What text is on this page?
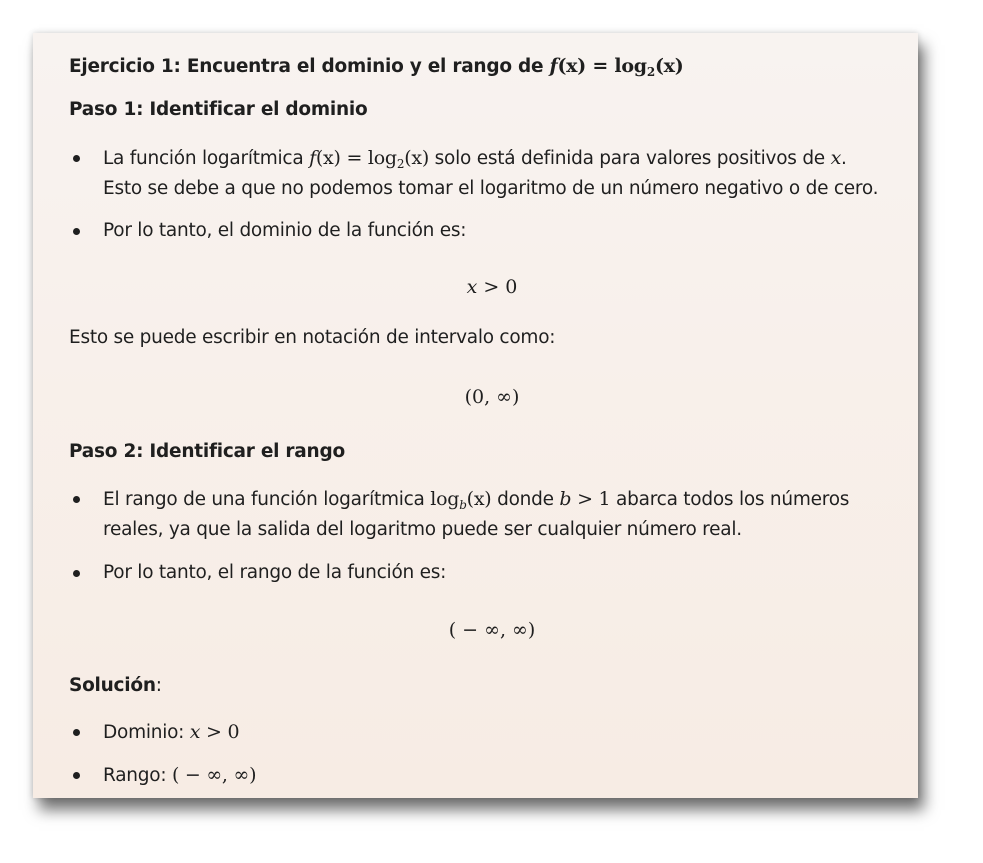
Ejercicio 1: Encuentra el dominio y el rango de $f(x) = \log_2(x)$

Paso 1: Identificar el dominio

La función logarítmica $f(x) = \log_2(x)$ solo está definida para valores positivos de x.
Esto se debe a que no podemos tomar el logaritmo de un número negativo o de cero.
Por lo tanto, el dominio de la función es:
x > 0

Esto se puede escribir en notación de intervalo como:

(0, ∞)

Paso 2: Identificar el rango

El rango de una función logarítmica $\log_b(x)$ donde b > 1 abarca todos los números
reales, ya que la salida del logaritmo puede ser cualquier número real.
Por lo tanto, el rango de la función es:
( − ∞, ∞)

Solución:

Dominio: x > 0
Rango: ( − ∞, ∞)
